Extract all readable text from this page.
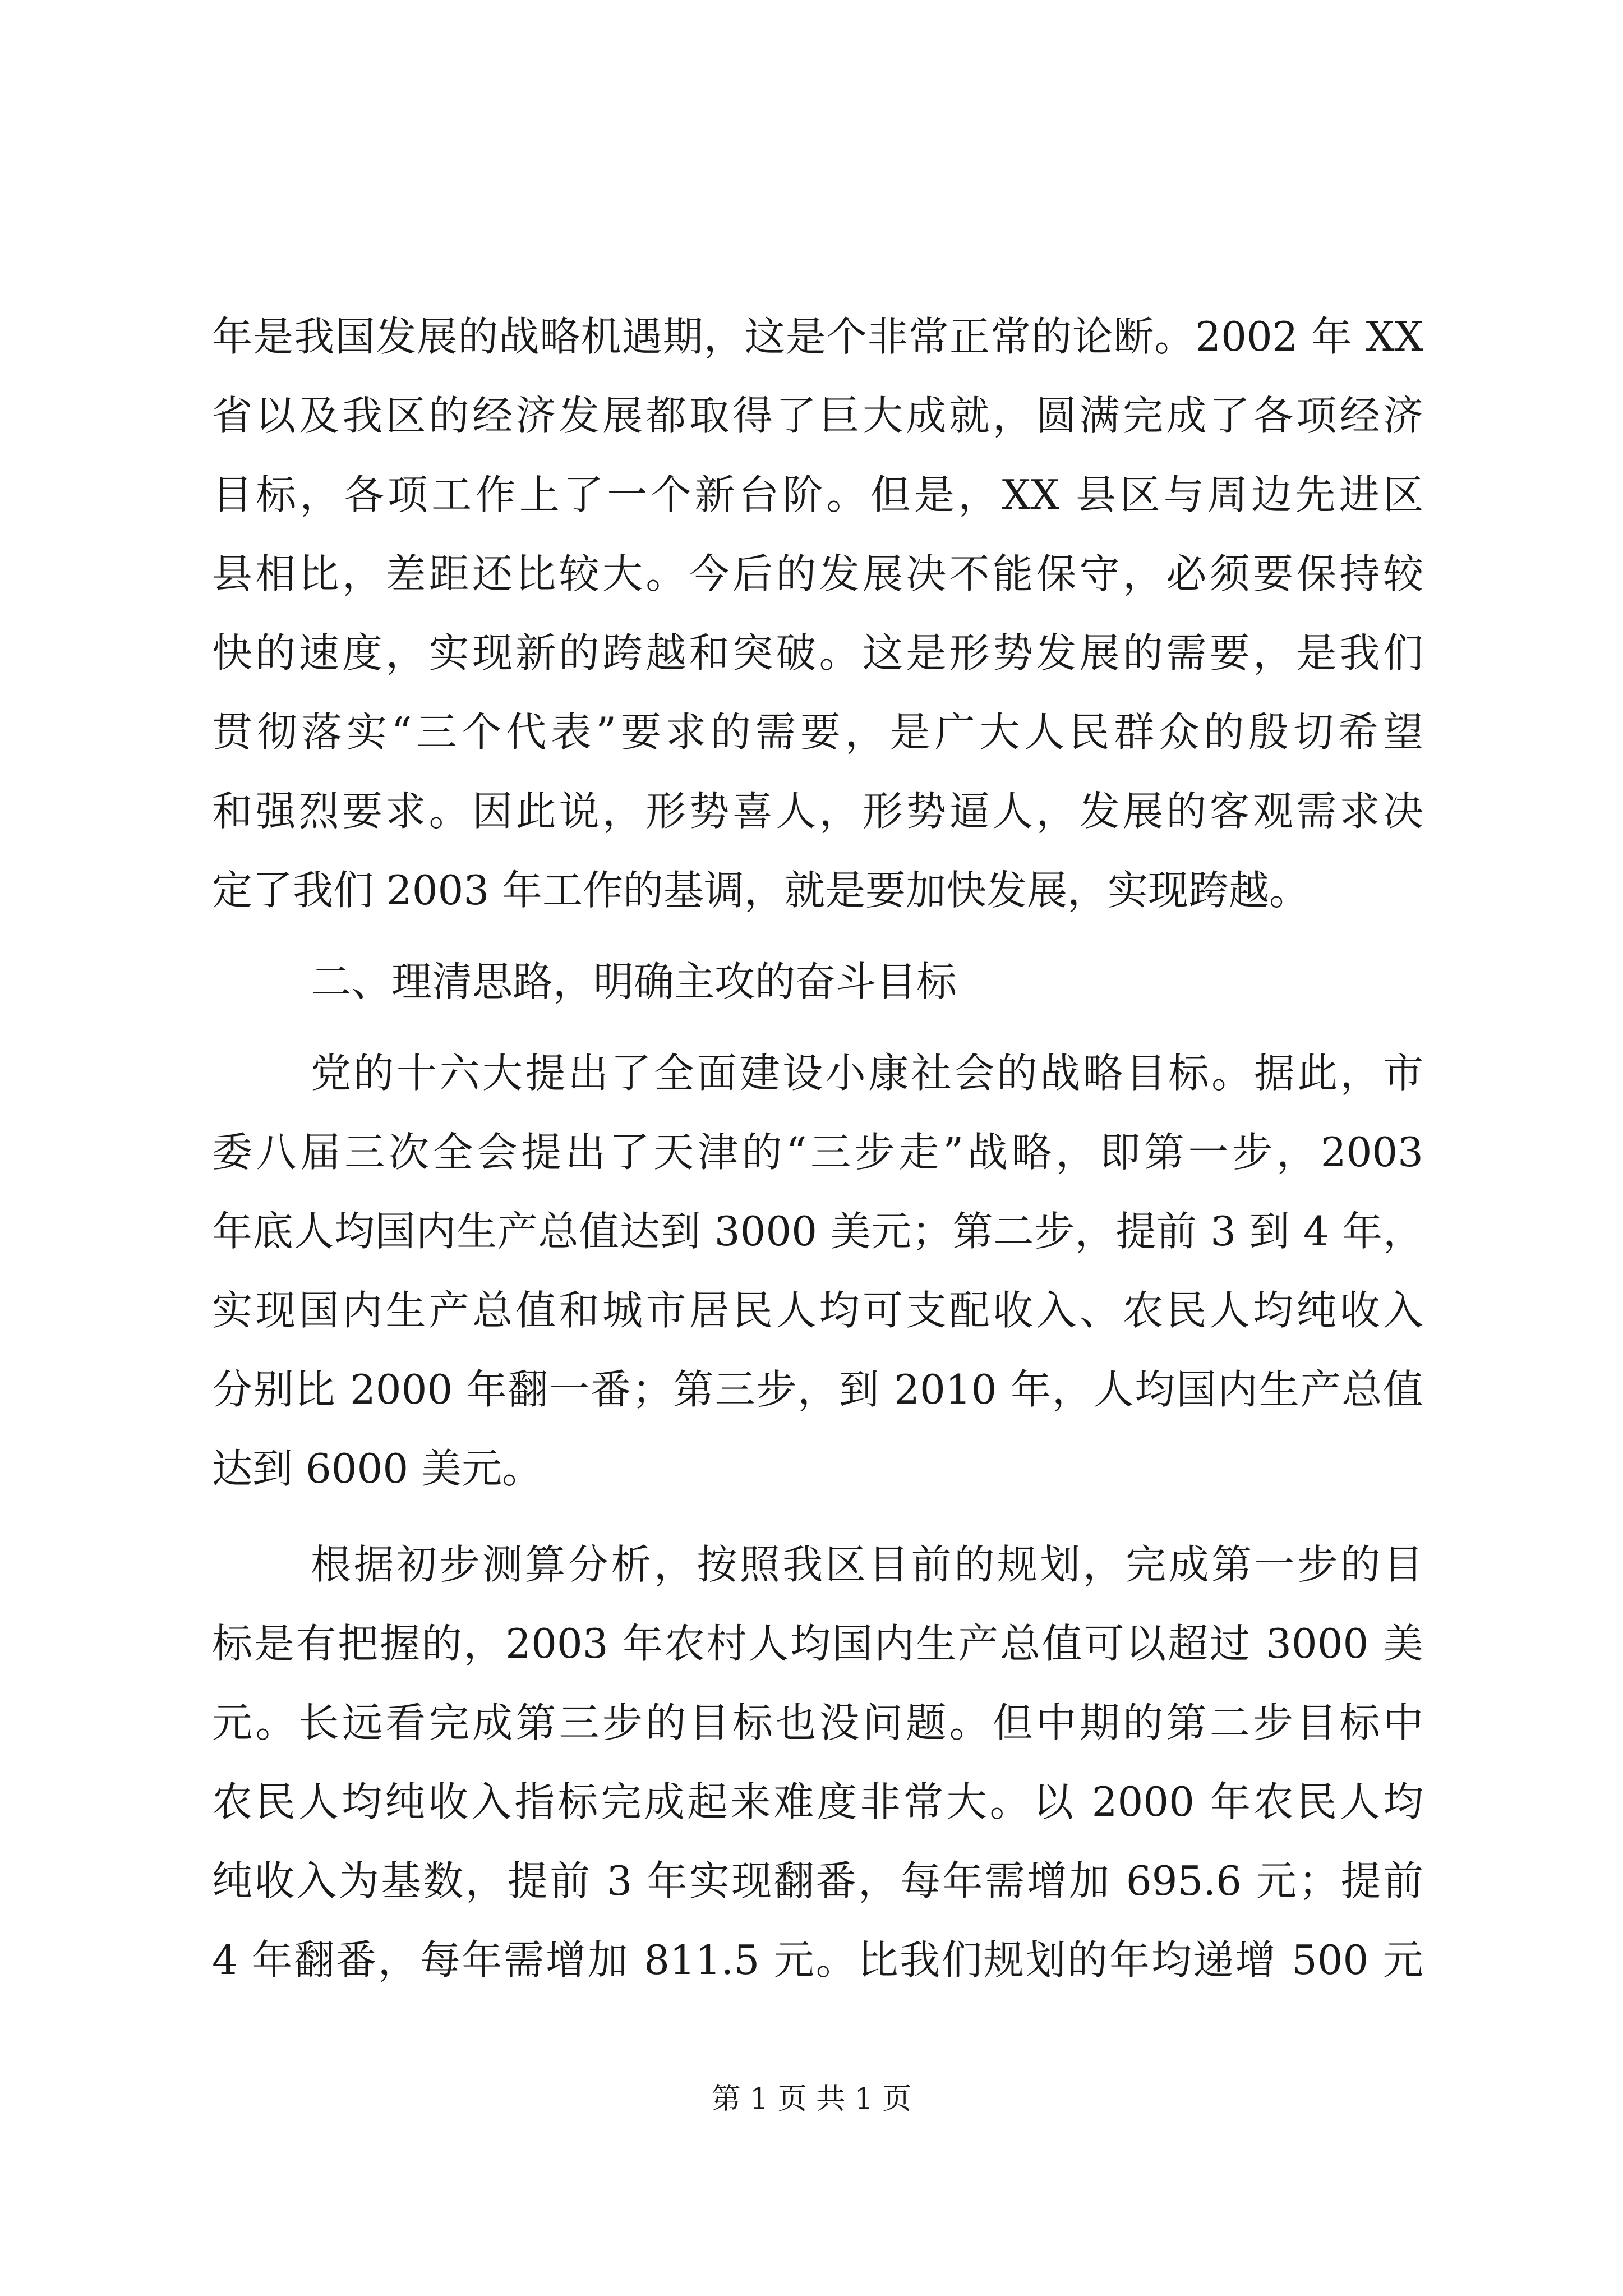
年是我国发展的战略机遇期，这是个非常正常的论断。2002 年 XX
省以及我区的经济发展都取得了巨大成就，圆满完成了各项经济
目标，各项工作上了一个新台阶。但是，XX 县区与周边先进区
县相比，差距还比较大。今后的发展决不能保守，必须要保持较
快的速度，实现新的跨越和突破。这是形势发展的需要，是我们
贯彻落实“三个代表”要求的需要，是广大人民群众的殷切希望
和强烈要求。因此说，形势喜人，形势逼人，发展的客观需求决
定了我们 2003 年工作的基调，就是要加快发展，实现跨越。
二、理清思路，明确主攻的奋斗目标
党的十六大提出了全面建设小康社会的战略目标。据此，市
委八届三次全会提出了天津的“三步走”战略，即第一步，2003
年底人均国内生产总值达到 3000 美元；第二步，提前 3 到 4 年，
实现国内生产总值和城市居民人均可支配收入、农民人均纯收入
分别比 2000 年翻一番；第三步，到 2010 年，人均国内生产总值
达到 6000 美元。
根据初步测算分析，按照我区目前的规划，完成第一步的目
标是有把握的，2003 年农村人均国内生产总值可以超过 3000 美
元。长远看完成第三步的目标也没问题。但中期的第二步目标中
农民人均纯收入指标完成起来难度非常大。以 2000 年农民人均
纯收入为基数，提前 3 年实现翻番，每年需增加 695.6 元；提前
4 年翻番，每年需增加 811.5 元。比我们规划的年均递增 500 元
第 1 页 共 1 页
